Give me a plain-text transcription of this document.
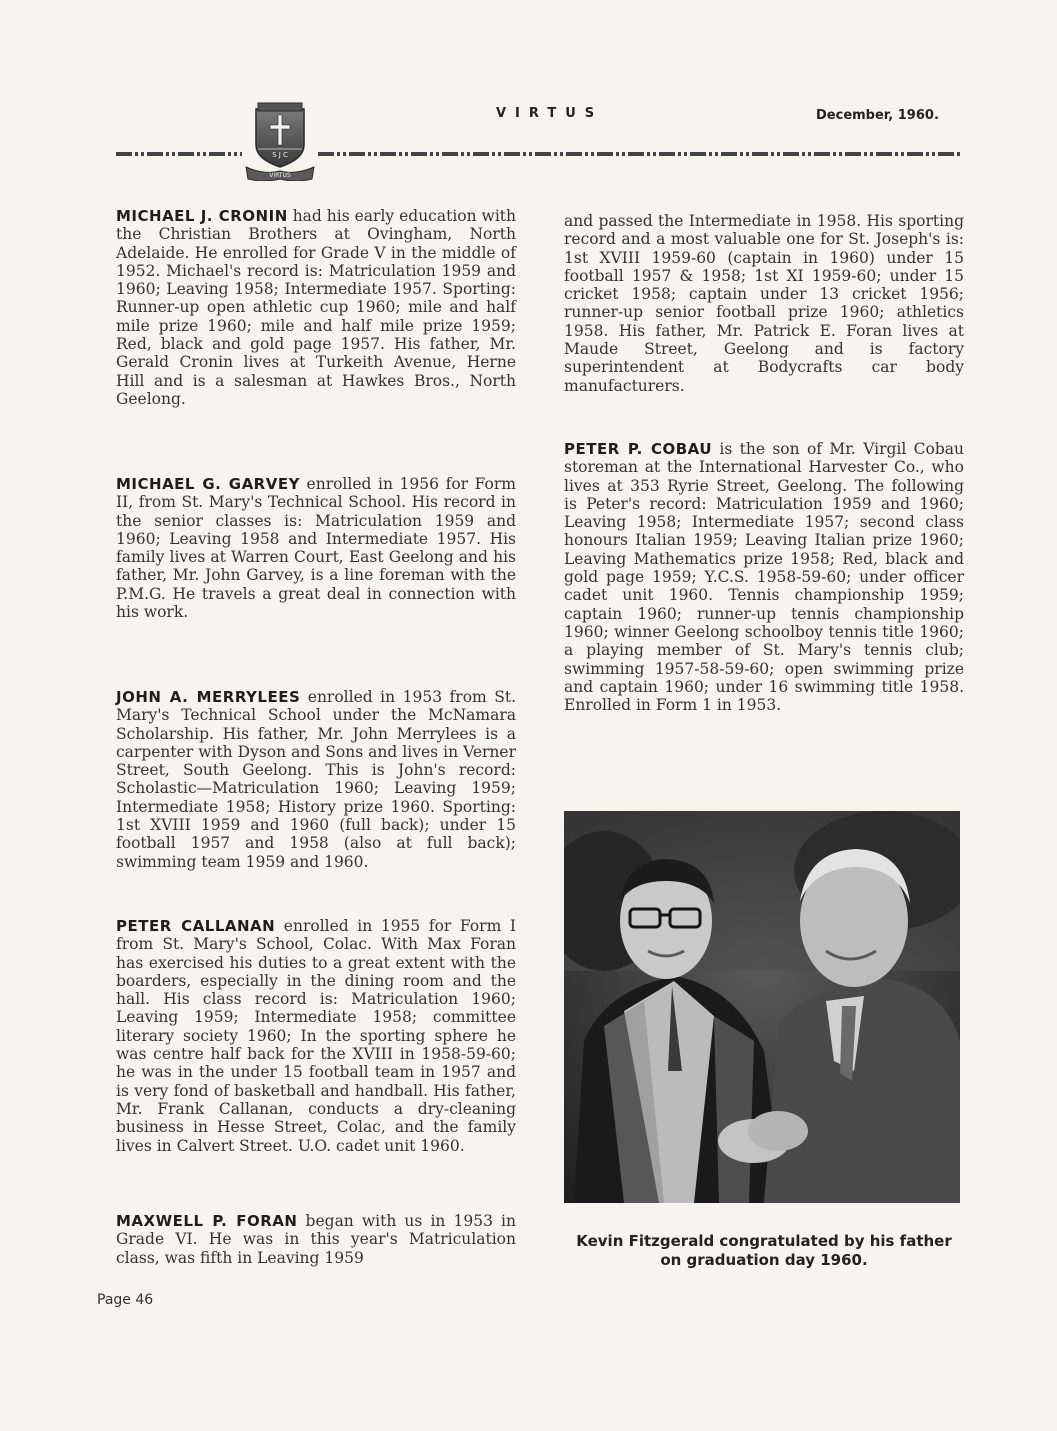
S J C
VIRTUS
VIRTUS	December, 1960.

MICHAEL J. CRONIN had his early education with the Christian Brothers at Ovingham, North Adelaide. He enrolled for Grade V in the middle of 1952. Michael's record is: Matriculation 1959 and 1960; Leaving 1958; Intermediate 1957. Sporting: Runner-up open athletic cup 1960; mile and half mile prize 1960; mile and half mile prize 1959; Red, black and gold page 1957. His father, Mr. Gerald Cronin lives at Turkeith Avenue, Herne Hill and is a salesman at Hawkes Bros., North Geelong.

MICHAEL G. GARVEY enrolled in 1956 for Form II, from St. Mary's Technical School. His record in the senior classes is: Matriculation 1959 and 1960; Leaving 1958 and Intermediate 1957. His family lives at Warren Court, East Geelong and his father, Mr. John Garvey, is a line foreman with the P.M.G. He travels a great deal in connection with his work.

JOHN A. MERRYLEES enrolled in 1953 from St. Mary's Technical School under the McNamara Scholarship. His father, Mr. John Merrylees is a carpenter with Dyson and Sons and lives in Verner Street, South Geelong. This is John's record: Scholastic—Matriculation 1960; Leaving 1959; Intermediate 1958; History prize 1960. Sporting: 1st XVIII 1959 and 1960 (full back); under 15 football 1957 and 1958 (also at full back); swimming team 1959 and 1960.

PETER CALLANAN enrolled in 1955 for Form I from St. Mary's School, Colac. With Max Foran has exercised his duties to a great extent with the boarders, especially in the dining room and the hall. His class record is: Matriculation 1960; Leaving 1959; Intermediate 1958; committee literary society 1960; In the sporting sphere he was centre half back for the XVIII in 1958-59-60; he was in the under 15 football team in 1957 and is very fond of basketball and handball. His father, Mr. Frank Callanan, conducts a dry-cleaning business in Hesse Street, Colac, and the family lives in Calvert Street. U.O. cadet unit 1960.

MAXWELL P. FORAN began with us in 1953 in Grade VI. He was in this year's Matriculation class, was fifth in Leaving 1959

and passed the Intermediate in 1958. His sporting record and a most valuable one for St. Joseph's is: 1st XVIII 1959-60 (captain in 1960) under 15 football 1957 & 1958; 1st XI 1959-60; under 15 cricket 1958; captain under 13 cricket 1956; runner-up senior football prize 1960; athletics 1958. His father, Mr. Patrick E. Foran lives at Maude Street, Geelong and is factory superintendent at Bodycrafts car body manufacturers.

PETER P. COBAU is the son of Mr. Virgil Cobau storeman at the International Harvester Co., who lives at 353 Ryrie Street, Geelong. The following is Peter's record: Matriculation 1959 and 1960; Leaving 1958; Intermediate 1957; second class honours Italian 1959; Leaving Italian prize 1960; Leaving Mathematics prize 1958; Red, black and gold page 1959; Y.C.S. 1958-59-60; under officer cadet unit 1960. Tennis championship 1959; captain 1960; runner-up tennis championship 1960; winner Geelong schoolboy tennis title 1960; a playing member of St. Mary's tennis club; swimming 1957-58-59-60; open swimming prize and captain 1960; under 16 swimming title 1958. Enrolled in Form 1 in 1953.

Kevin Fitzgerald congratulated by his father on graduation day 1960.
Page 46
